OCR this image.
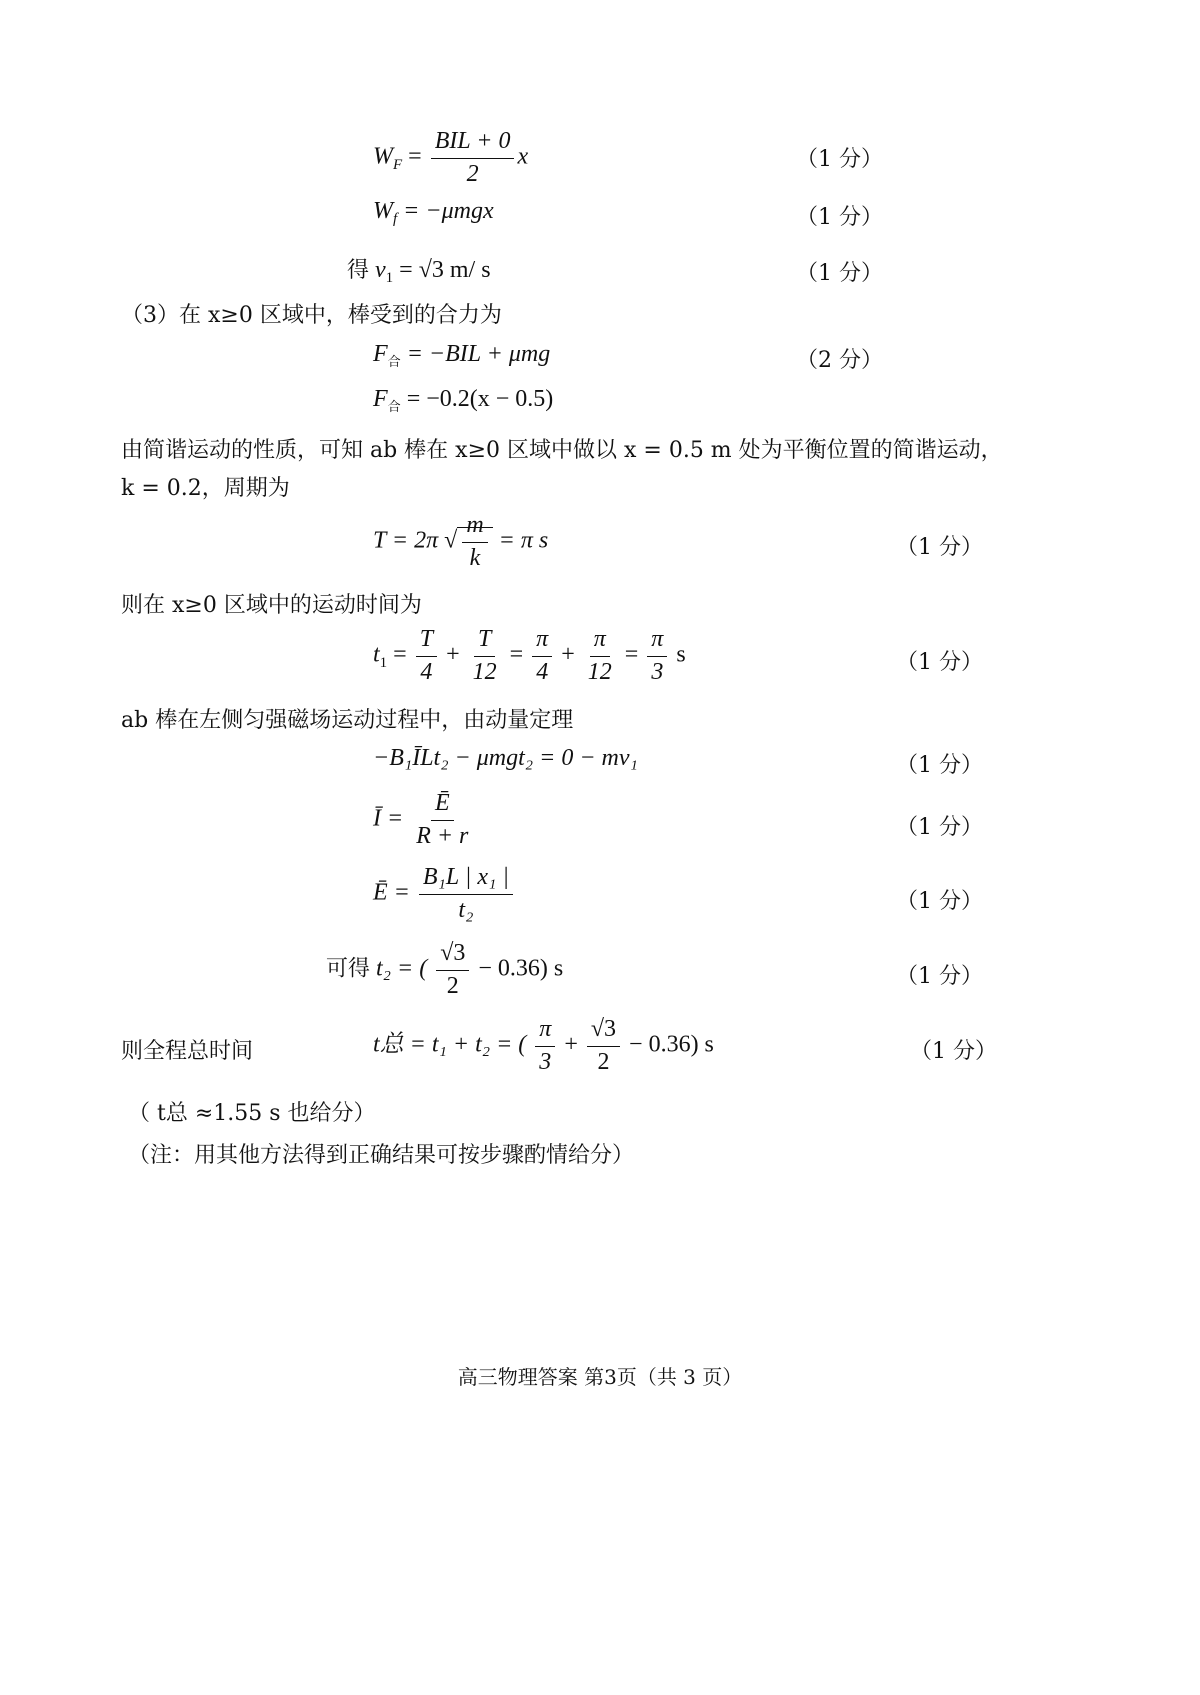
$W_F = \frac{\text{BIL + 0}}{2}$ x	（1 分）
$W_f = -\mu mgx$	（1 分）
得 $v_1 = √3$ m/ s	（1 分）
（3）在 x≥0 区域中，棒受到的合力为
$F_合 = -BIL + \mu mg$	（2 分）
$F_合 = -0.2(x - 0.5)$
由简谐运动的性质，可知 ab 棒在 x≥0 区域中做以 x = 0.5 m 处为平衡位置的简谐运动，
k = 0.2，周期为
T = 2π √ $\frac{m}{k} = \pi$ s	（1 分）
则在 x≥0 区域中的运动时间为
$t_1 = \frac{T}{4} + \frac{T}{12} = \frac{\pi}{4} + \frac{\pi}{12} = \frac{\pi}{3}$ s	（1 分）
ab 棒在左侧匀强磁场运动过程中，由动量定理
−B₁ĪLt₂ − μmgt₂ = 0 − mv₁	（1 分）
Ī = $\frac{Ē}{R + r}$	（1 分）
Ē = $\frac{\text{B₁L | x₁ |}}{\text{t₂}}$	（1 分）
可得 t₂ = ( $\frac{√3}{2} - 0.36$) s	（1 分）
则全程总时间	t总 = t₁ + t₂ = ( $\frac{\pi}{3} + \frac{√3}{2} - 0.36$) s	（1 分）
（ t总 ≈1.55 s 也给分）
（注：用其他方法得到正确结果可按步骤酌情给分）
高三物理答案 第3页（共 3 页）
